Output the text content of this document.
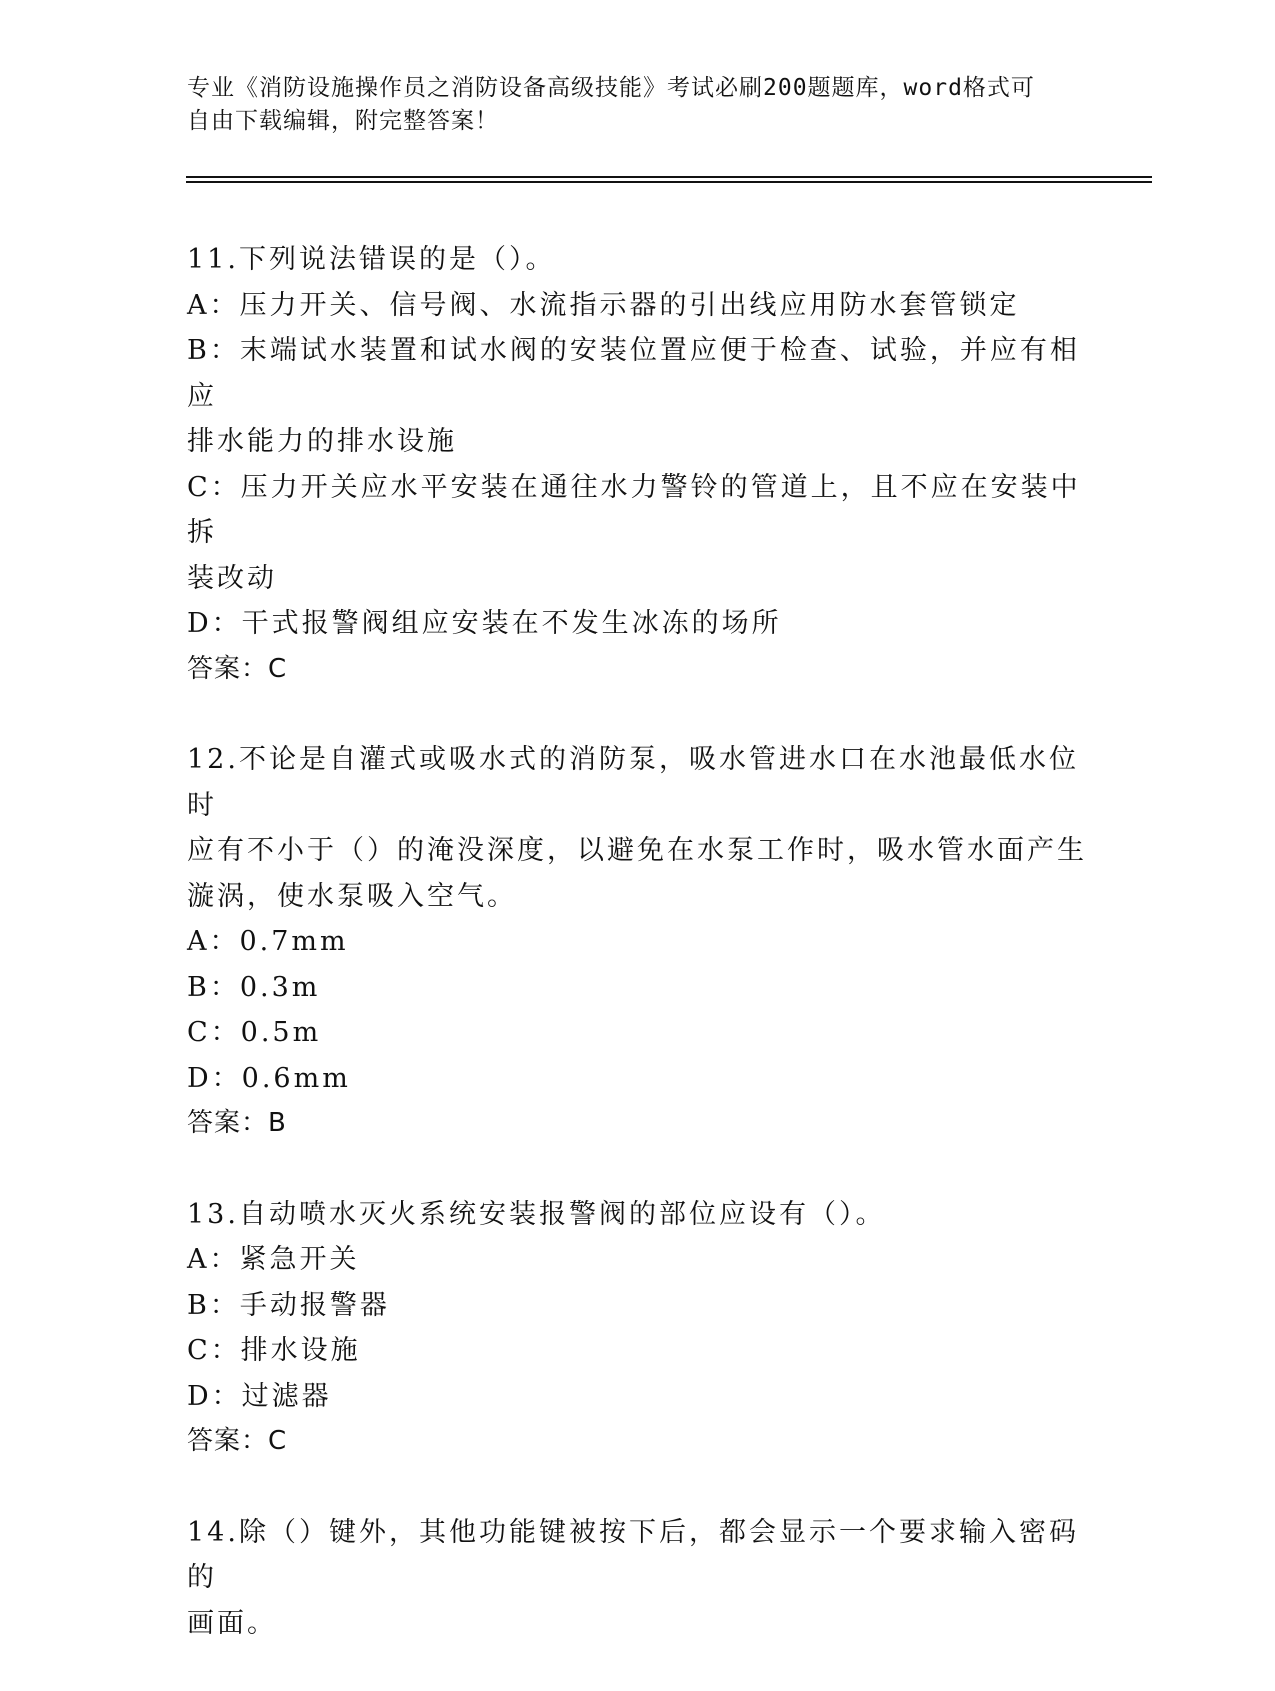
专业《消防设施操作员之消防设备高级技能》考试必刷200题题库，word格式可
自由下载编辑，附完整答案！
11.下列说法错误的是（）。
A：压力开关、信号阀、水流指示器的引出线应用防水套管锁定
B：末端试水装置和试水阀的安装位置应便于检查、试验，并应有相应
排水能力的排水设施
C：压力开关应水平安装在通往水力警铃的管道上，且不应在安装中拆
装改动
D：干式报警阀组应安装在不发生冰冻的场所
答案：C
12.不论是自灌式或吸水式的消防泵，吸水管进水口在水池最低水位时
应有不小于（）的淹没深度，以避免在水泵工作时，吸水管水面产生
漩涡，使水泵吸入空气。
A：0.7mm
B：0.3m
C：0.5m
D：0.6mm
答案：B
13.自动喷水灭火系统安装报警阀的部位应设有（）。
A：紧急开关
B：手动报警器
C：排水设施
D：过滤器
答案：C
14.除（）键外，其他功能键被按下后，都会显示一个要求输入密码的
画面。
